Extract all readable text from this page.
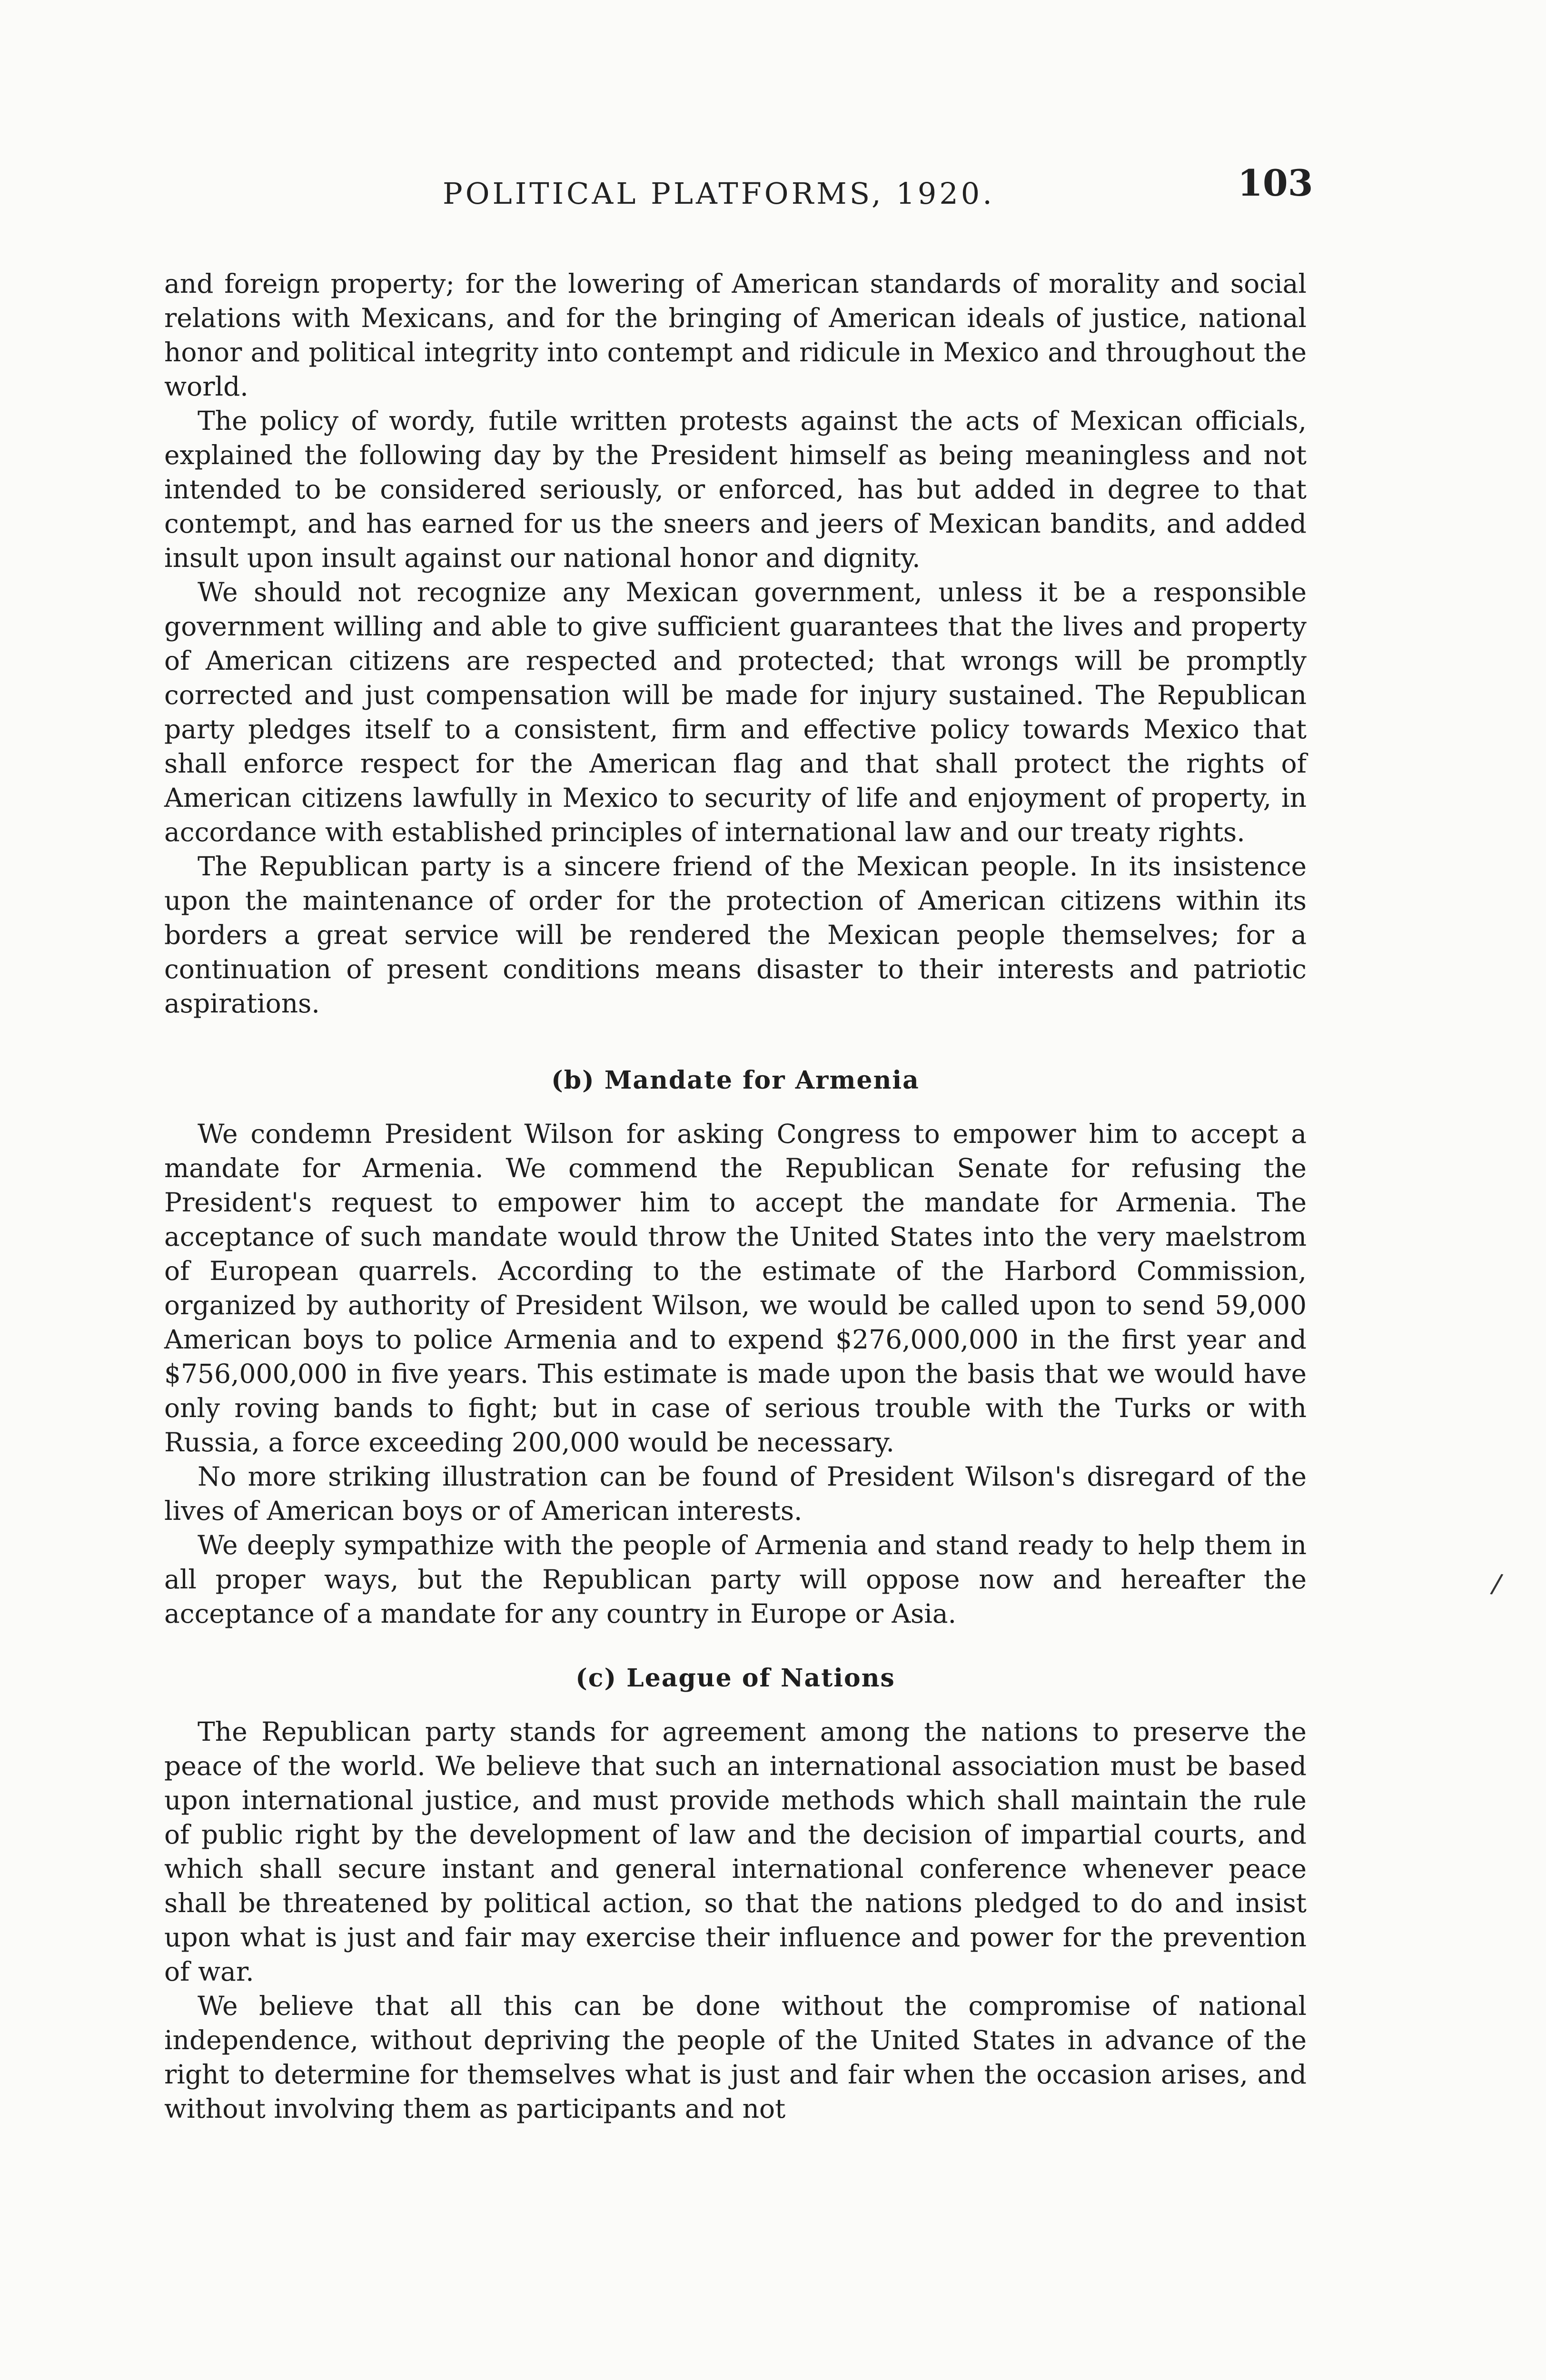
POLITICAL PLATFORMS, 1920.	103

and foreign property; for the lowering of American standards of morality and social relations with Mexicans, and for the bringing of American ideals of justice, national honor and political integrity into contempt and ridicule in Mexico and throughout the world.

The policy of wordy, futile written protests against the acts of Mexican officials, explained the following day by the President himself as being meaningless and not intended to be considered seriously, or enforced, has but added in degree to that contempt, and has earned for us the sneers and jeers of Mexican bandits, and added insult upon insult against our national honor and dignity.

We should not recognize any Mexican government, unless it be a responsible government willing and able to give sufficient guarantees that the lives and property of American citizens are respected and protected; that wrongs will be promptly corrected and just compensation will be made for injury sustained. The Republican party pledges itself to a consistent, firm and effective policy towards Mexico that shall enforce respect for the American flag and that shall protect the rights of American citizens lawfully in Mexico to security of life and enjoyment of property, in accordance with established principles of international law and our treaty rights.

The Republican party is a sincere friend of the Mexican people. In its insistence upon the maintenance of order for the protection of American citizens within its borders a great service will be rendered the Mexican people themselves; for a continuation of present conditions means disaster to their interests and patriotic aspirations.

(b) Mandate for Armenia

We condemn President Wilson for asking Congress to empower him to accept a mandate for Armenia. We commend the Republican Senate for refusing the President's request to empower him to accept the mandate for Armenia. The acceptance of such mandate would throw the United States into the very maelstrom of European quarrels. According to the estimate of the Harbord Commission, organized by authority of President Wilson, we would be called upon to send 59,000 American boys to police Armenia and to expend $276,000,000 in the first year and $756,000,000 in five years. This estimate is made upon the basis that we would have only roving bands to fight; but in case of serious trouble with the Turks or with Russia, a force exceeding 200,000 would be necessary.

No more striking illustration can be found of President Wilson's disregard of the lives of American boys or of American interests.

We deeply sympathize with the people of Armenia and stand ready to help them in all proper ways, but the Republican party will oppose now and hereafter the acceptance of a mandate for any country in Europe or Asia.

(c) League of Nations

The Republican party stands for agreement among the nations to preserve the peace of the world. We believe that such an international association must be based upon international justice, and must provide methods which shall maintain the rule of public right by the development of law and the decision of impartial courts, and which shall secure instant and general international conference whenever peace shall be threatened by political action, so that the nations pledged to do and insist upon what is just and fair may exercise their influence and power for the prevention of war.

We believe that all this can be done without the compromise of national independence, without depriving the people of the United States in advance of the right to determine for themselves what is just and fair when the occasion arises, and without involving them as participants and not

/
